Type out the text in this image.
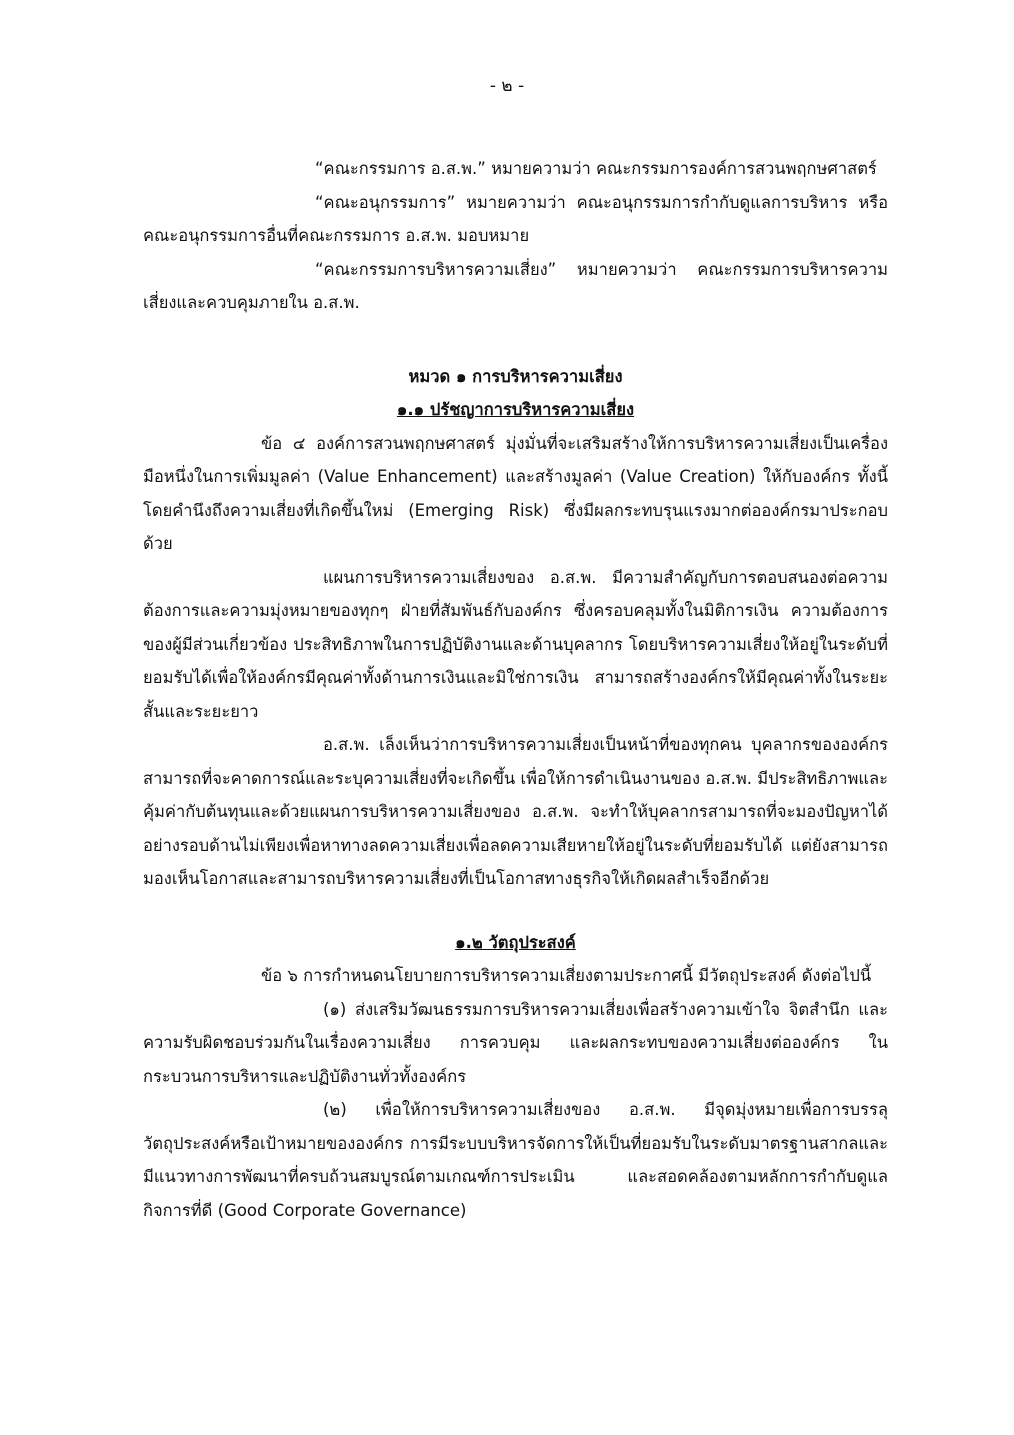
- ๒ -

“คณะกรรมการ อ.ส.พ.” หมายความว่า คณะกรรมการองค์การสวนพฤกษศาสตร์

“คณะอนุกรรมการ” หมายความว่า คณะอนุกรรมการกำกับดูแลการบริหาร หรือ คณะอนุกรรมการอื่นที่คณะกรรมการ อ.ส.พ. มอบหมาย

“คณะกรรมการบริหารความเสี่ยง” หมายความว่า คณะกรรมการบริหารความ เสี่ยงและควบคุมภายใน อ.ส.พ.

หมวด ๑ การบริหารความเสี่ยง

๑.๑ ปรัชญาการบริหารความเสี่ยง

ข้อ ๔ องค์การสวนพฤกษศาสตร์ มุ่งมั่นที่จะเสริมสร้างให้การบริหารความเสี่ยงเป็นเครื่องมือหนึ่งในการเพิ่มมูลค่า (Value Enhancement) และสร้างมูลค่า (Value Creation) ให้กับองค์กร ทั้งนี้ โดยคำนึงถึงความเสี่ยงที่เกิดขึ้นใหม่ (Emerging Risk) ซึ่งมีผลกระทบรุนแรงมากต่อองค์กรมาประกอบด้วย

แผนการบริหารความเสี่ยงของ อ.ส.พ. มีความสำคัญกับการตอบสนองต่อความต้องการและความมุ่งหมายของทุกๆ ฝ่ายที่สัมพันธ์กับองค์กร ซึ่งครอบคลุมทั้งในมิติการเงิน ความต้องการของผู้มีส่วนเกี่ยวข้อง ประสิทธิภาพในการปฏิบัติงานและด้านบุคลากร โดยบริหารความเสี่ยงให้อยู่ในระดับที่ยอมรับได้เพื่อให้องค์กรมีคุณค่าทั้งด้านการเงินและมิใช่การเงิน สามารถสร้างองค์กรให้มีคุณค่าทั้งในระยะสั้นและระยะยาว

อ.ส.พ. เล็งเห็นว่าการบริหารความเสี่ยงเป็นหน้าที่ของทุกคน บุคลากรขององค์กรสามารถที่จะคาดการณ์และระบุความเสี่ยงที่จะเกิดขึ้น เพื่อให้การดำเนินงานของ อ.ส.พ. มีประสิทธิภาพและคุ้มค่ากับต้นทุนและด้วยแผนการบริหารความเสี่ยงของ อ.ส.พ. จะทำให้บุคลากรสามารถที่จะมองปัญหาได้อย่างรอบด้านไม่เพียงเพื่อหาทางลดความเสี่ยงเพื่อลดความเสียหายให้อยู่ในระดับที่ยอมรับได้ แต่ยังสามารถมองเห็นโอกาสและสามารถบริหารความเสี่ยงที่เป็นโอกาสทางธุรกิจให้เกิดผลสำเร็จอีกด้วย

๑.๒ วัตถุประสงค์

ข้อ ๖ การกำหนดนโยบายการบริหารความเสี่ยงตามประกาศนี้ มีวัตถุประสงค์ ดังต่อไปนี้

(๑) ส่งเสริมวัฒนธรรมการบริหารความเสี่ยงเพื่อสร้างความเข้าใจ จิตสำนึก และความรับผิดชอบร่วมกันในเรื่องความเสี่ยง การควบคุม และผลกระทบของความเสี่ยงต่อองค์กร ในกระบวนการบริหารและปฏิบัติงานทั่วทั้งองค์กร

(๒) เพื่อให้การบริหารความเสี่ยงของ อ.ส.พ. มีจุดมุ่งหมายเพื่อการบรรลุวัตถุประสงค์หรือเป้าหมายขององค์กร การมีระบบบริหารจัดการให้เป็นที่ยอมรับในระดับมาตรฐานสากลและมีแนวทางการพัฒนาที่ครบถ้วนสมบูรณ์ตามเกณฑ์การประเมิน และสอดคล้องตามหลักการกำกับดูแลกิจการที่ดี (Good Corporate Governance)
